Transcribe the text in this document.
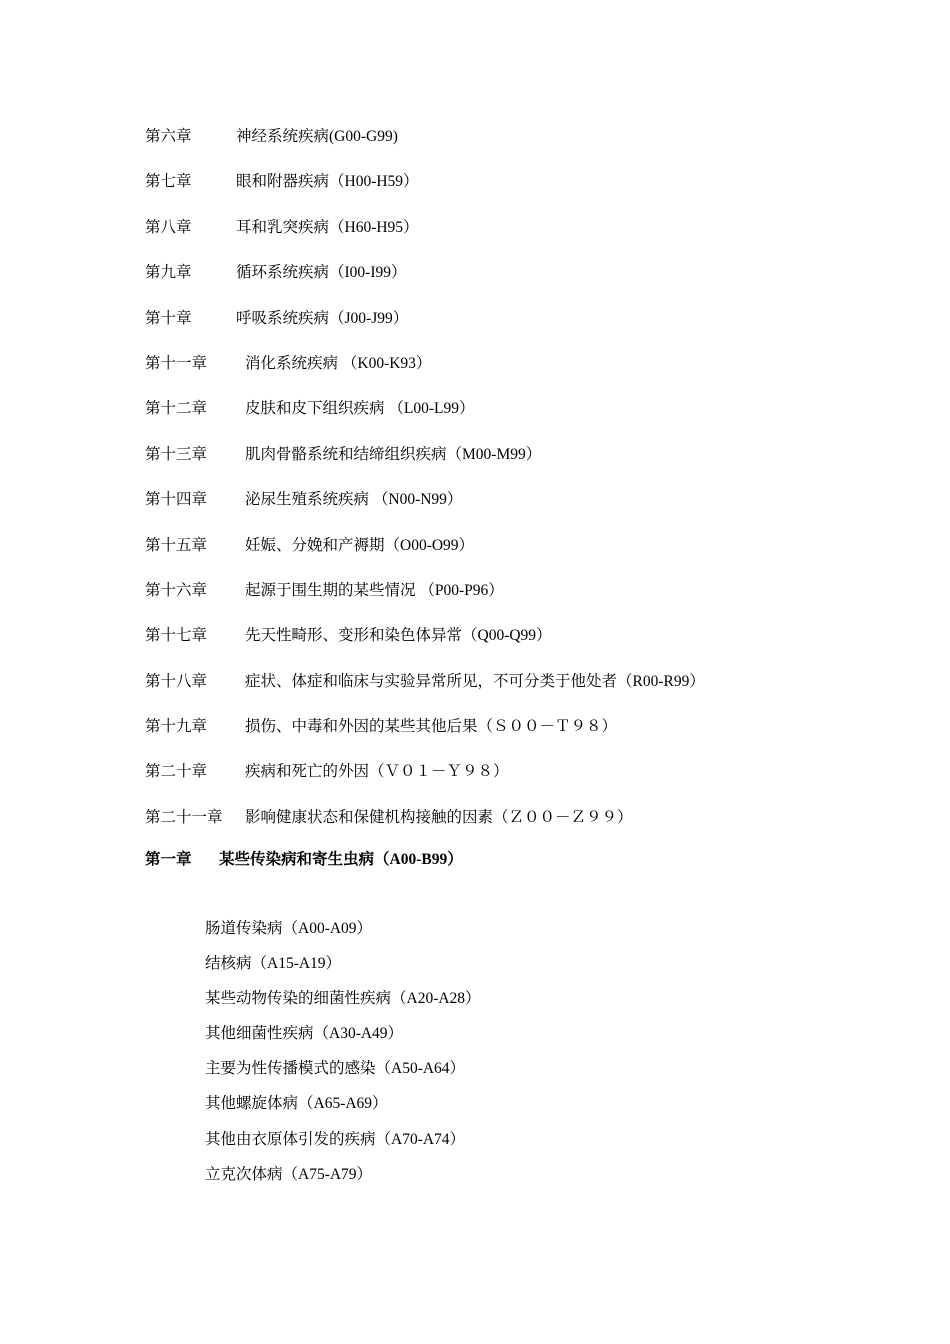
第六章	神经系统疾病(G00-G99)
第七章	眼和附器疾病（H00-H59）
第八章	耳和乳突疾病（H60-H95）
第九章	循环系统疾病（I00-I99）
第十章	呼吸系统疾病（J00-J99）
第十一章 消化系统疾病 （K00-K93）
第十二章 皮肤和皮下组织疾病 （L00-L99）
第十三章 肌肉骨骼系统和结缔组织疾病（M00-M99）
第十四章 泌尿生殖系统疾病 （N00-N99）
第十五章 妊娠、分娩和产褥期（O00-O99）
第十六章 起源于围生期的某些情况 （P00-P96）
第十七章 先天性畸形、变形和染色体异常（Q00-Q99）
第十八章 症状、体症和临床与实验异常所见，不可分类于他处者（R00-R99）
第十九章 损伤、中毒和外因的某些其他后果（Ｓ００－Ｔ９８）
第二十章 疾病和死亡的外因（Ｖ０１－Ｙ９８）
第二十一章 影响健康状态和保健机构接触的因素（Ｚ００－Ｚ９９）
第一章 某些传染病和寄生虫病（A00-B99）
肠道传染病（A00-A09）
结核病（A15-A19）
某些动物传染的细菌性疾病（A20-A28）
其他细菌性疾病（A30-A49）
主要为性传播模式的感染（A50-A64）
其他螺旋体病（A65-A69）
其他由衣原体引发的疾病（A70-A74）
立克次体病（A75-A79）
